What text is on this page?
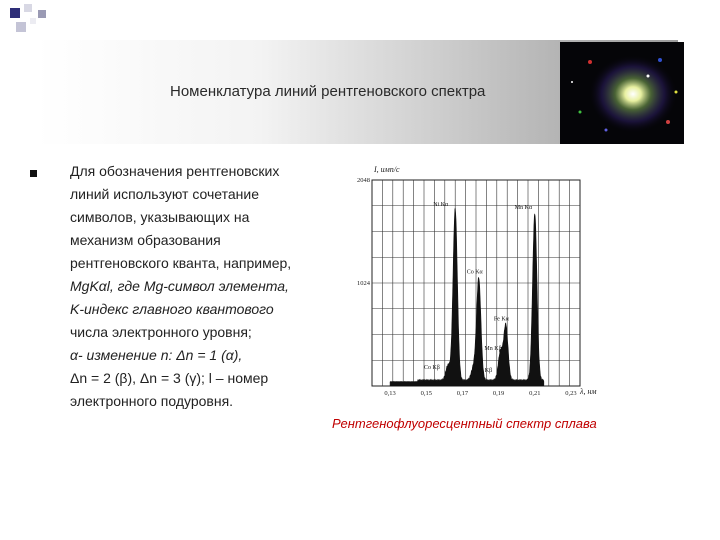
Номенклатура линий рентгеновского спектра
Для обозначения рентгеновских
линий используют сочетание
символов, указывающих на
механизм образования
рентгеновского кванта, например,
MgKαl, где Mg-символ элемента,
K-индекс главного квантового
числа электронного уровня;
α- изменение n: Δn = 1 (α),
Δn = 2 (β), Δn = 3 (γ); l – номер
электронного подуровня.
I, имп/с
λ, нм
0,13	0,15	0,17	0,19	0,21	0,23
2048
1024
Ni Kα
Co Kβ
Fe Kβ
Co Kα
Mn Kβ
Fe Kα
Mn Kα
Рентгенофлуоресцентный спектр сплава
